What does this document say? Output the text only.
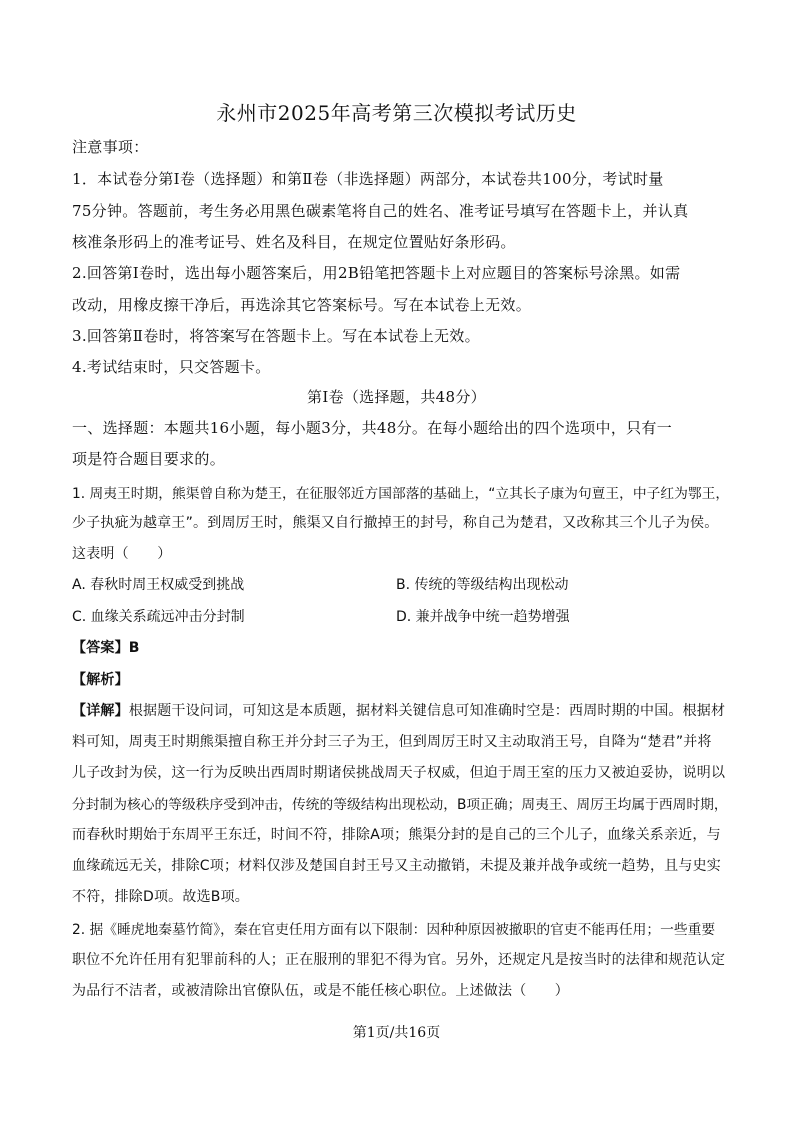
永州市2025年高考第三次模拟考试历史
注意事项：
1．本试卷分第Ⅰ卷（选择题）和第Ⅱ卷（非选择题）两部分，本试卷共100分，考试时量
75分钟。答题前，考生务必用黑色碳素笔将自己的姓名、准考证号填写在答题卡上，并认真
核准条形码上的准考证号、姓名及科目，在规定位置贴好条形码。
2.回答第Ⅰ卷时，选出每小题答案后，用2B铅笔把答题卡上对应题目的答案标号涂黑。如需
改动，用橡皮擦干净后，再选涂其它答案标号。写在本试卷上无效。
3.回答第Ⅱ卷时，将答案写在答题卡上。写在本试卷上无效。
4.考试结束时，只交答题卡。
第Ⅰ卷（选择题，共48分）
一、选择题：本题共16小题，每小题3分，共48分。在每小题给出的四个选项中，只有一
项是符合题目要求的。
1. 周夷王时期，熊渠曾自称为楚王，在征服邻近方国部落的基础上，“立其长子康为句亶王，中子红为鄂王，
少子执疵为越章王”。到周厉王时，熊渠又自行撤掉王的封号，称自己为楚君，又改称其三个儿子为侯。
这表明（　　）
A. 春秋时周王权威受到挑战	B. 传统的等级结构出现松动
C. 血缘关系疏远冲击分封制	D. 兼并战争中统一趋势增强
【答案】B
【解析】
【详解】根据题干设问词，可知这是本质题，据材料关键信息可知准确时空是：西周时期的中国。根据材
料可知，周夷王时期熊渠擅自称王并分封三子为王，但到周厉王时又主动取消王号，自降为“楚君”并将
儿子改封为侯，这一行为反映出西周时期诸侯挑战周天子权威，但迫于周王室的压力又被迫妥协，说明以
分封制为核心的等级秩序受到冲击，传统的等级结构出现松动，B项正确；周夷王、周厉王均属于西周时期，
而春秋时期始于东周平王东迁，时间不符，排除A项；熊渠分封的是自己的三个儿子，血缘关系亲近，与
血缘疏远无关，排除C项；材料仅涉及楚国自封王号又主动撤销，未提及兼并战争或统一趋势，且与史实
不符，排除D项。故选B项。
2. 据《睡虎地秦墓竹简》，秦在官吏任用方面有以下限制：因种种原因被撤职的官吏不能再任用；一些重要
职位不允许任用有犯罪前科的人；正在服刑的罪犯不得为官。另外，还规定凡是按当时的法律和规范认定
为品行不洁者，或被清除出官僚队伍，或是不能任核心职位。上述做法（　　）
第1页/共16页
